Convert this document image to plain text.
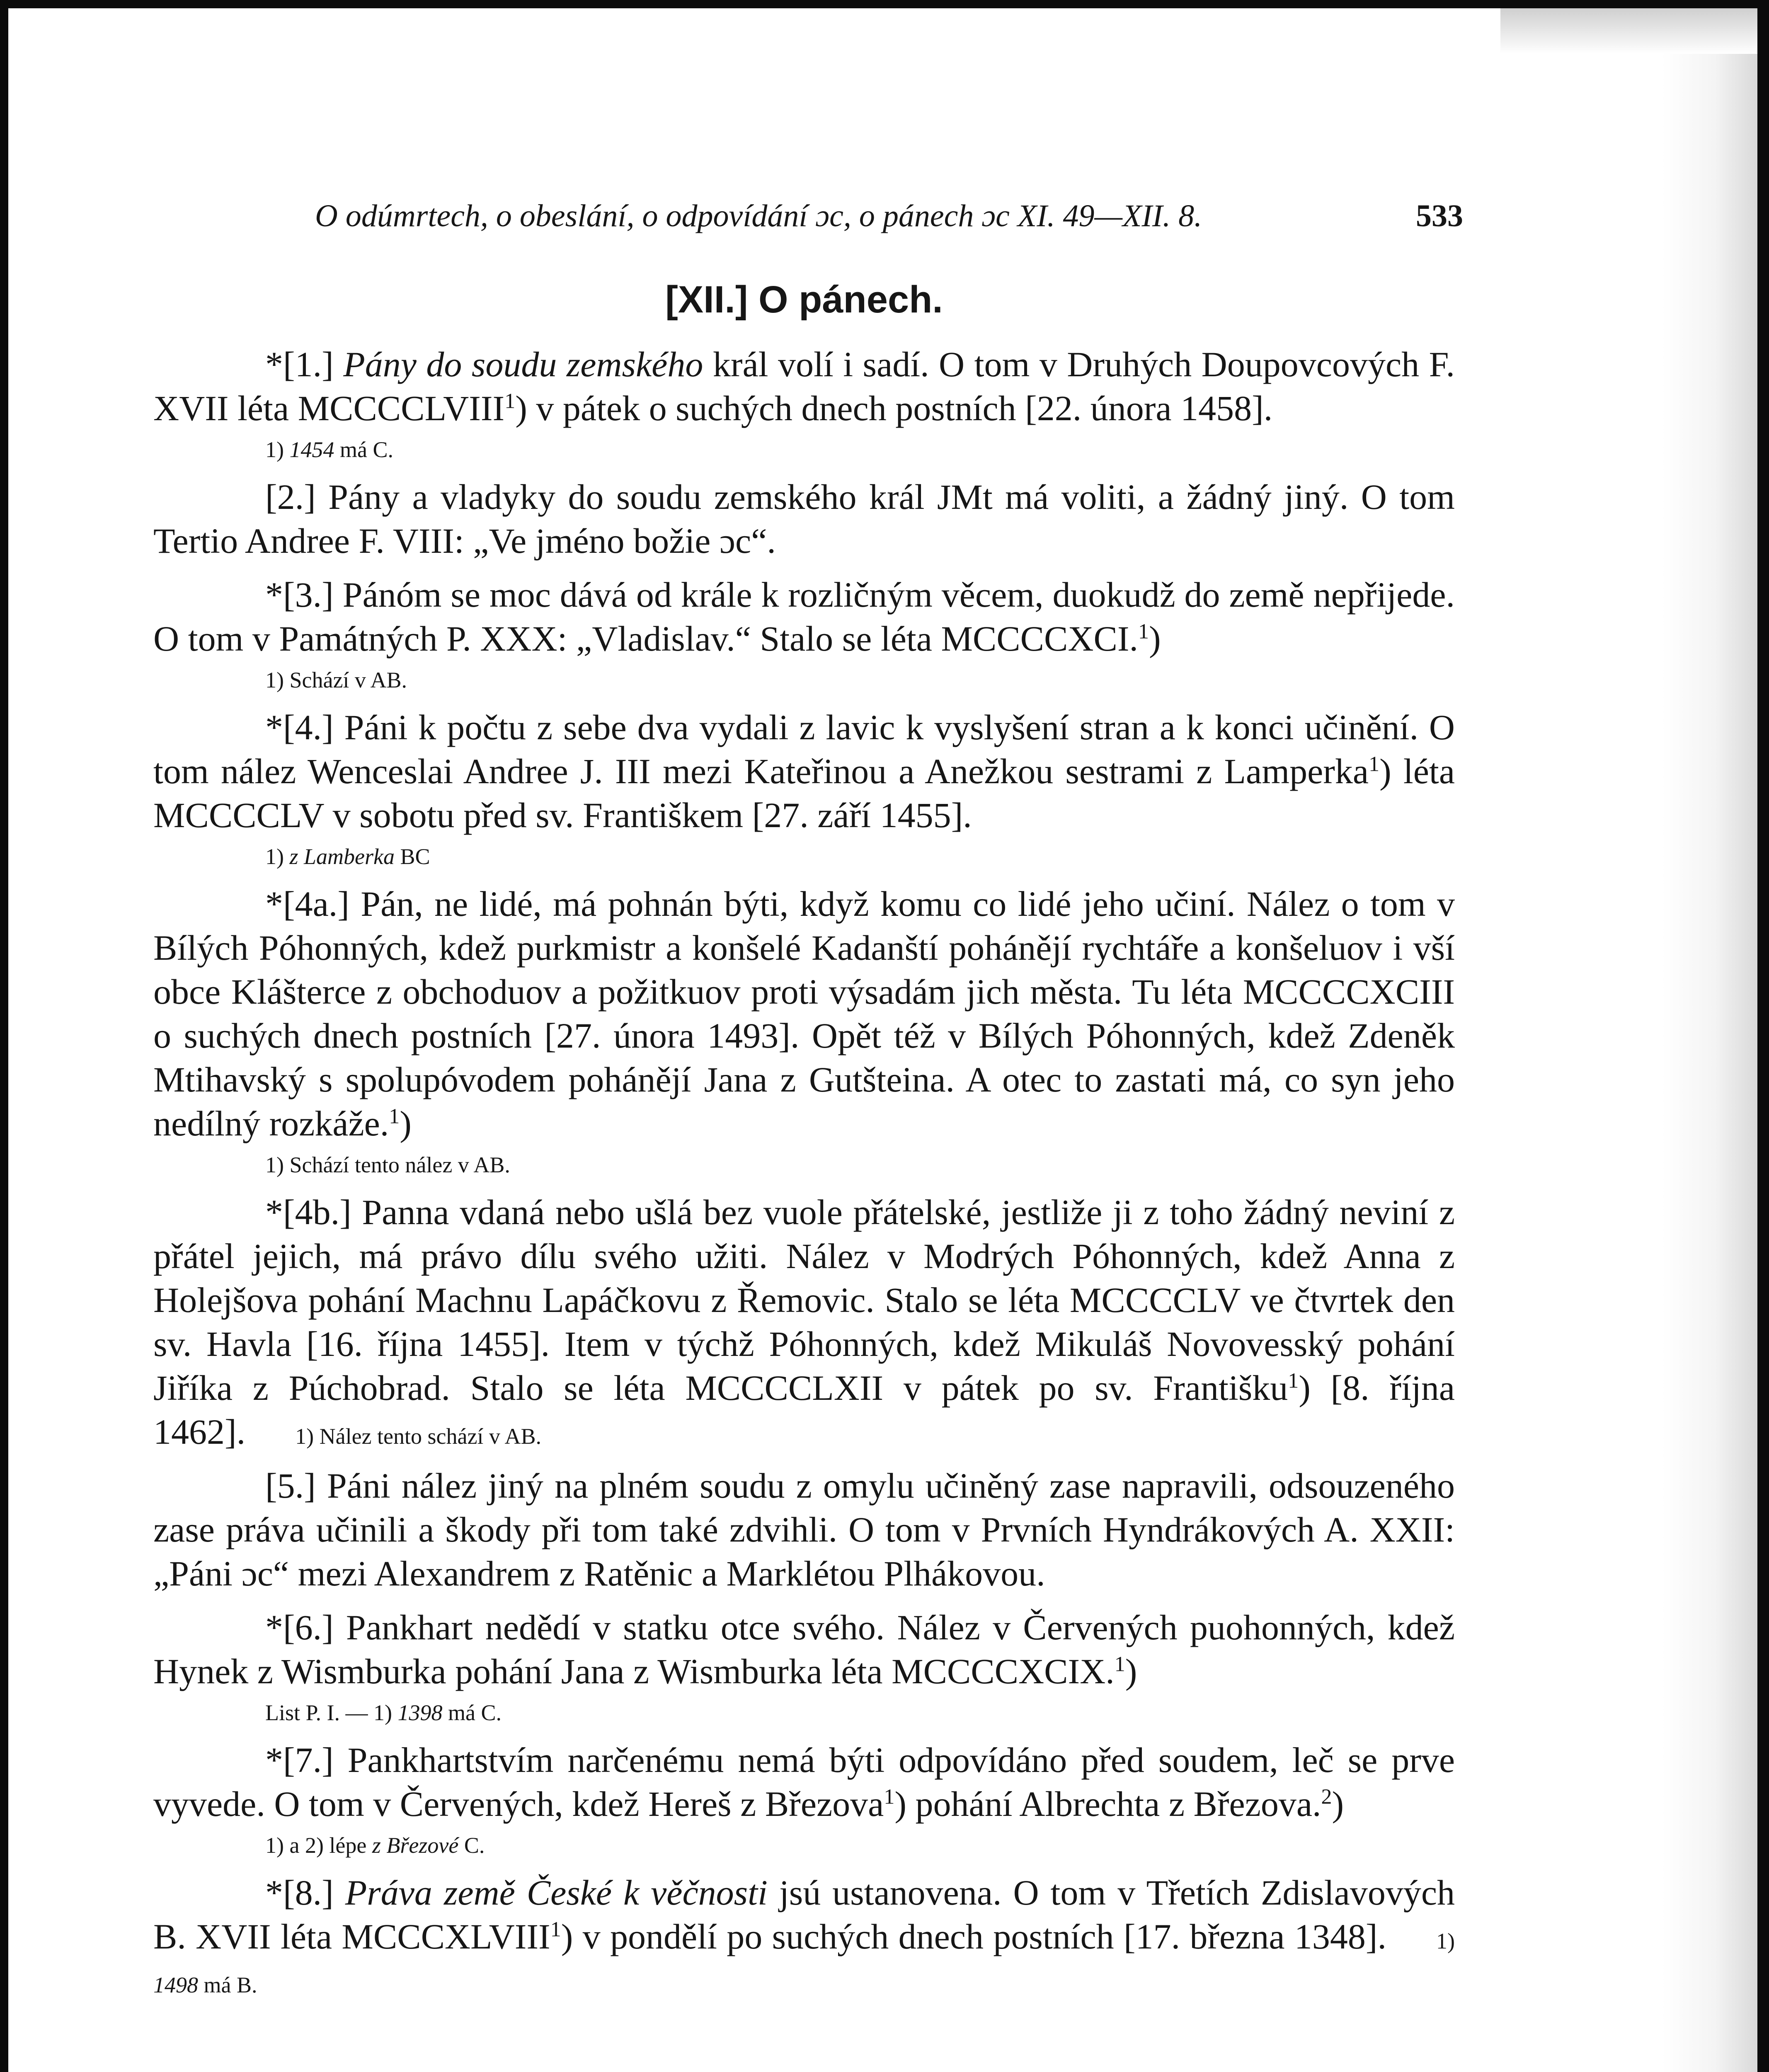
O odúmrtech, o obeslání, o odpovídání ɔc, o pánech ɔc XI. 49—XII. 8.	533
[XII.] O pánech.

*[1.] Pány do soudu zemského král volí i sadí. O tom v Druhých Doupovcových F. XVII léta MCCCCLVIII$^1$) v pátek o suchých dnech postních [22. února 1458].

1) 1454 má C.

[2.] Pány a vladyky do soudu zemského král JMt má voliti, a žádný jiný. O tom Tertio Andree F. VIII: „Ve jméno božie ɔc“.

*[3.] Pánóm se moc dává od krále k rozličným věcem, duokudž do země nepřijede. O tom v Památných P. XXX: „Vladislav.“ Stalo se léta MCCCCXCI.$^1$)

1) Schází v AB.

*[4.] Páni k počtu z sebe dva vydali z lavic k vyslyšení stran a k konci učinění. O tom nález Wenceslai Andree J. III mezi Kateřinou a Anežkou sestrami z Lamperka$^1$) léta MCCCCLV v sobotu před sv. Františkem [27. září 1455].

1) z Lamberka BC

*[4a.] Pán, ne lidé, má pohnán býti, když komu co lidé jeho učiní. Nález o tom v Bílých Póhonných, kdež purkmistr a konšelé Kadanští pohánějí rychtáře a konšeluov i vší obce Klášterce z obchoduov a požitkuov proti výsadám jich města. Tu léta MCCCCXCIII o suchých dnech postních [27. února 1493]. Opět též v Bílých Póhonných, kdež Zdeněk Mtihavský s spolupóvodem pohánějí Jana z Gutšteina. A otec to zastati má, co syn jeho nedílný rozkáže.$^1$)

1) Schází tento nález v AB.

*[4b.] Panna vdaná nebo ušlá bez vuole přátelské, jestliže ji z toho žádný neviní z přátel jejich, má právo dílu svého užiti. Nález v Modrých Póhonných, kdež Anna z Holejšova pohání Machnu Lapáčkovu z Řemovic. Stalo se léta MCCCCLV ve čtvrtek den sv. Havla [16. října 1455]. Item v týchž Póhonných, kdež Mikuláš Novovesský pohání Jiříka z Púchobrad. Stalo se léta MCCCCLXII v pátek po sv. Františku$^1$) [8. října 1462]. 1) Nález tento schází v AB.

[5.] Páni nález jiný na plném soudu z omylu učiněný zase napravili, odsouzeného zase práva učinili a škody při tom také zdvihli. O tom v Prvních Hyndrákových A. XXII: „Páni ɔc“ mezi Alexandrem z Ratěnic a Marklétou Plhákovou.

*[6.] Pankhart nedědí v statku otce svého. Nález v Červených puohonných, kdež Hynek z Wismburka pohání Jana z Wismburka léta MCCCCXCIX.$^1$)

List P. I. — 1) 1398 má C.

*[7.] Pankhartstvím narčenému nemá býti odpovídáno před soudem, leč se prve vyvede. O tom v Červených, kdež Hereš z Březova$^1$) pohání Albrechta z Březova.$^2$)

1) a 2) lépe z Březové C.

*[8.] Práva země České k věčnosti jsú ustanovena. O tom v Třetích Zdislavových B. XVII léta MCCCXLVIII$^1$) v pondělí po suchých dnech postních [17. března 1348]. 1) 1498 má B.
